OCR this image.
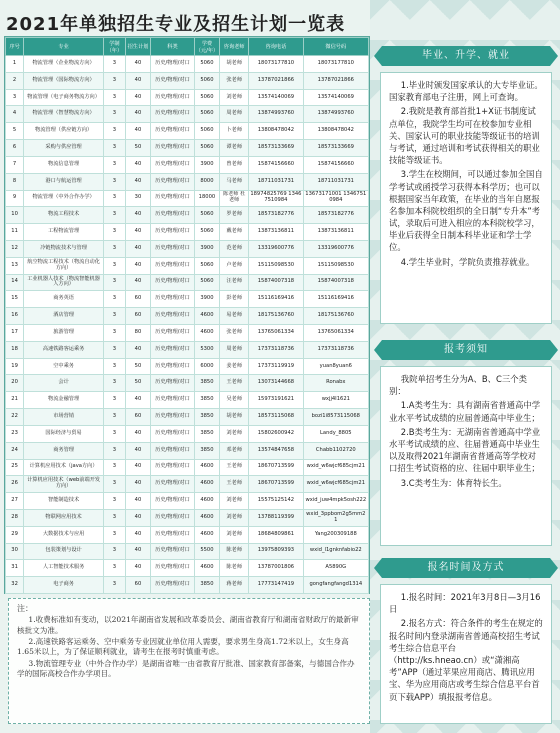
2021年单独招生专业及招生计划一览表
序号	专业	学制（年）	招生计划	科类	学费（元/年）	咨询老师	咨询电话	微信号码
1	物流管理（企业物流方向）	3	40	历史/物理/对口	5060	胡老师	18073177810	18073177810
2	物流管理（国际物流方向）	3	40	历史/物理/对口	5060	张老师	13787021866	13787021866
3	物流管理（电子商务物流方向）	3	40	历史/物理/对口	5060	刘老师	13574140069	13574140069
4	物流管理（智慧物流方向）	3	40	历史/物理/对口	5060	周老师	13874993760	13874993760
5	物流管理（供应链方向）	3	40	历史/物理/对口	5060	卜老师	13808478042	13808478042
6	采购与供应管理	3	50	历史/物理/对口	5060	谭老师	18573133669	18573133669
7	物流信息管理	3	40	历史/物理/对口	3900	曾老师	15874156660	15874156660
8	港口与航运管理	3	40	历史/物理/对口	8000	马老师	18711031731	18711031731
9	物流管理（中外合作办学）	3	30	历史/物理/对口	18000	陈老师 杜老师	18974825769 13467510984	13673171001 13467510984
10	物流工程技术	3	40	历史/物理/对口	5060	罗老师	18573182776	18573182776
11	工程物流管理	3	40	历史/物理/对口	5060	戴老师	13873136811	13873136811
12	冷链物流技术与管理	3	40	历史/物理/对口	3900	范老师	13319600776	13319600776
13	航空物流工程技术（物流自动化方向）	3	40	历史/物理/对口	5060	卢老师	15115098530	15115098530
14	工业机器人技术（物流智能机器人方向）	3	40	历史/物理/对口	5060	汪老师	15874007318	15874007318
15	商务英语	3	60	历史/物理/对口	3900	彭老师	15116169416	15116169416
16	酒店管理	3	60	历史/物理/对口	4600	易老师	18175136760	18175136760
17	旅游管理	3	80	历史/物理/对口	4600	张老师	13765061334	13765061334
18	高速铁路客运乘务	3	40	历史/物理/对口	5300	周老师	17373118736	17373118736
19	空中乘务	3	50	历史/物理/对口	6000	姜老师	17373119919	yuan8yuan6
20	会计	3	50	历史/物理/对口	3850	王老师	13073144668	Ronabx
21	物流金融管理	3	40	历史/物理/对口	3850	吴老师	15973191621	wxjj4I1621
22	市场营销	3	60	历史/物理/对口	3850	胡老师	18573115068	bozi1i8573115068
23	国际经济与贸易	3	40	历史/物理/对口	3850	刘老师	15802600942	Landy_8805
24	商务管理	3	40	历史/物理/对口	3850	邓老师	13574847658	Chabb1102720
25	计算机应用技术（java方向）	3	40	历史/物理/对口	4600	王老师	18670713599	wxid_w6wjcf685cjm21
26	计算机应用技术（web前端开发方向）	3	40	历史/物理/对口	4600	王老师	18670713599	wxid_w6wjcf685cjm21
27	智能制造技术	3	40	历史/物理/对口	4600	刘老师	15575125142	wxid_juw4mpk5osh222
28	物联网应用技术	3	40	历史/物理/对口	4600	刘老师	13788119399	wxid_3ppbom2g5mm21
29	大数据技术与应用	3	40	历史/物理/对口	4600	刘老师	18684809861	Yang200309188
30	包装策划与设计	3	40	历史/物理/对口	5500	陈老师	13975809393	wxid_l1gnknfabio22
31	人工智能技术服务	3	40	历史/物理/对口	4600	陈老师	13787001806	A5890G
32	电子商务	3	60	历史/物理/对口	3850	蒋老师	17773147419	gongfangfangd1314
注：

1.收费标准如有变动，以2021年湖南省发展和改革委员会、湖南省教育厅和湖南省财政厅的最新审核批文为准。

2.高速铁路客运乘务、空中乘务专业因就业单位用人需要，要求男生身高1.72米以上，女生身高1.65米以上，为了保证顺利就业，请考生在报考时慎重考虑。

3.物流管理专业（中外合作办学）是湖南省唯一由省教育厅批准、国家教育部备案，与德国合作办学的国际高校合作办学项目。

毕业、升学、就业

1.毕业时颁发国家承认的大专毕业证。国家教育部电子注册，网上可查询。

2.我院是教育部首批1+X证书制度试点单位，我院学生均可在校参加专业相关、国家认可的职业技能等级证书的培训与考试，通过培训和考试获得相关的职业技能等级证书。

3.学生在校期间，可以通过参加全国自学考试或函授学习获得本科学历；也可以根据国家当年政策，在毕业的当年自愿报名参加本科院校组织的全日制“专升本”考试，录取后可进入相应的本科院校学习，毕业后获得全日制本科毕业证和学士学位。

4.学生毕业时，学院负责推荐就业。

报考须知

我院单招考生分为A、B、C三个类别：

1.A类考生为：具有湖南省普通高中学业水平考试成绩的应届普通高中毕业生；

2.B类考生为：无湖南省普通高中学业水平考试成绩的应、往届普通高中毕业生以及取得2021年湖南省普通高等学校对口招生考试资格的应、往届中职毕业生；

3.C类考生为：体育特长生。

报名时间及方式

1.报名时间：2021年3月8日—3月16日

2.报名方式：符合条件的考生在规定的报名时间内登录湖南省普通高校招生考试考生综合信息平台（http://ks.hneao.cn）或“潇湘高考”APP（通过苹果应用商店、腾讯应用宝、华为应用商店或考生综合信息平台首页下载APP）填报报考信息。
